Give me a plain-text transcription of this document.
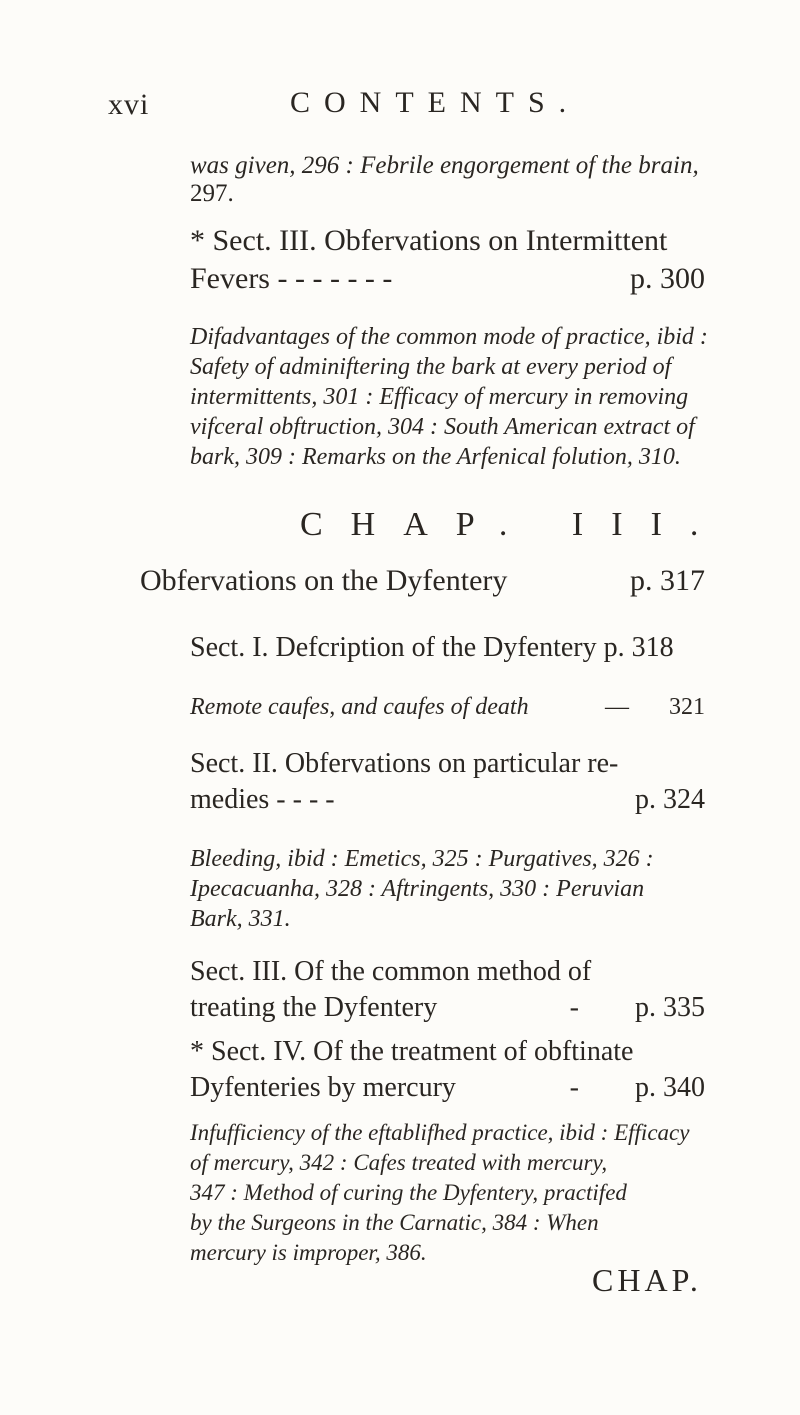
xvi	CONTENTS.
was given, 296 : Febrile engorgement of the brain,
297.
* Sect. III. Obfervations on Intermittent
Fevers - - - - - - -	p. 300
Difadvantages of the common mode of practice, ibid :
Safety of adminiftering the bark at every period of
intermittents, 301 : Efficacy of mercury in removing
vifceral obftruction, 304 : South American extract of
bark, 309 : Remarks on the Arfenical folution, 310.
CHAP. III.
Obfervations on the Dyfentery	p. 317
Sect. I. Defcription of the Dyfentery p. 318
Remote caufes, and caufes of death	— 321
Sect. II. Obfervations on particular re-
medies - - - -	p. 324
Bleeding, ibid : Emetics, 325 : Purgatives, 326 :
Ipecacuanha, 328 : Aftringents, 330 : Peruvian
Bark, 331.
Sect. III. Of the common method of
treating the Dyfentery	- p. 335
* Sect. IV. Of the treatment of obftinate
Dyfenteries by mercury	- p. 340
Infufficiency of the eftablifhed practice, ibid : Efficacy
of mercury, 342 : Cafes treated with mercury,
347 : Method of curing the Dyfentery, practifed
by the Surgeons in the Carnatic, 384 : When
mercury is improper, 386.
CHAP.
